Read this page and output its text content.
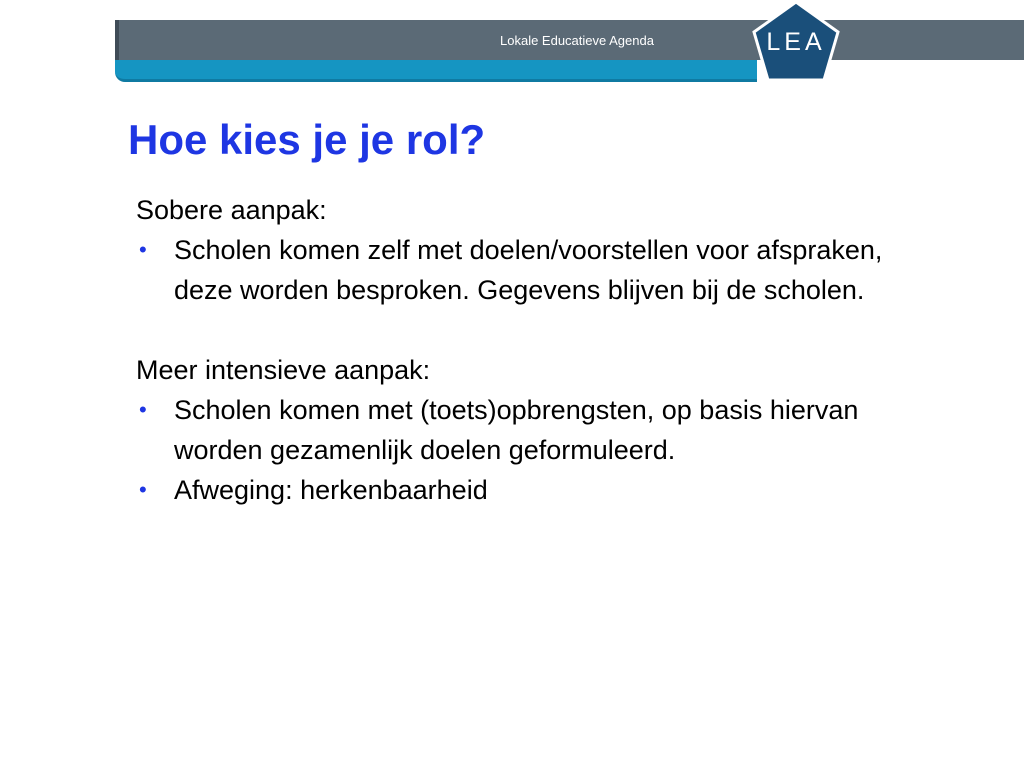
Lokale Educatieve Agenda	LEA
Hoe kies je je rol?

Sobere aanpak:

• Scholen komen zelf met doelen/voorstellen voor afspraken, deze worden besproken. Gegevens blijven bij de scholen.

Meer intensieve aanpak:

• Scholen komen met (toets)opbrengsten, op basis hiervan worden gezamenlijk doelen geformuleerd.
• Afweging: herkenbaarheid
